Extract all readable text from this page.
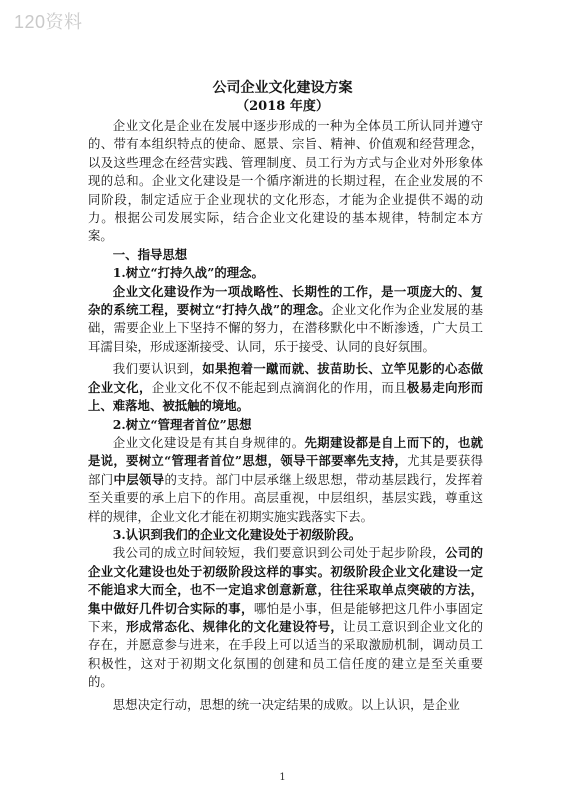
120资料
公司企业文化建设方案
（2018 年度）

企业文化是企业在发展中逐步形成的一种为全体员工所认同并遵守的、带有本组织特点的使命、愿景、宗旨、精神、价值观和经营理念，以及这些理念在经营实践、管理制度、员工行为方式与企业对外形象体现的总和。企业文化建设是一个循序渐进的长期过程，在企业发展的不同阶段，制定适应于企业现状的文化形态，才能为企业提供不竭的动力。根据公司发展实际，结合企业文化建设的基本规律，特制定本方案。

一、指导思想

1.树立“打持久战”的理念。

企业文化建设作为一项战略性、长期性的工作，是一项庞大的、复杂的系统工程，要树立“打持久战”的理念。企业文化作为企业发展的基础，需要企业上下坚持不懈的努力，在潜移默化中不断渗透，广大员工耳濡目染，形成逐渐接受、认同，乐于接受、认同的良好氛围。

我们要认识到，如果抱着一蹴而就、拔苗助长、立竿见影的心态做企业文化，企业文化不仅不能起到点滴润化的作用，而且极易走向形而上、难落地、被抵触的境地。

2.树立“管理者首位”思想

企业文化建设是有其自身规律的。先期建设都是自上而下的，也就是说，要树立“管理者首位”思想，领导干部要率先支持，尤其是要获得部门中层领导的支持。部门中层承继上级思想，带动基层践行，发挥着至关重要的承上启下的作用。高层重视，中层组织，基层实践，尊重这样的规律，企业文化才能在初期实施实践落实下去。

3.认识到我们的企业文化建设处于初级阶段。

我公司的成立时间较短，我们要意识到公司处于起步阶段，公司的企业文化建设也处于初级阶段这样的事实。初级阶段企业文化建设一定不能追求大而全，也不一定追求创意新意，往往采取单点突破的方法，集中做好几件切合实际的事，哪怕是小事，但是能够把这几件小事固定下来，形成常态化、规律化的文化建设符号，让员工意识到企业文化的存在，并愿意参与进来，在手段上可以适当的采取激励机制，调动员工积极性，这对于初期文化氛围的创建和员工信任度的建立是至关重要的。

思想决定行动，思想的统一决定结果的成败。以上认识，是企业

1
